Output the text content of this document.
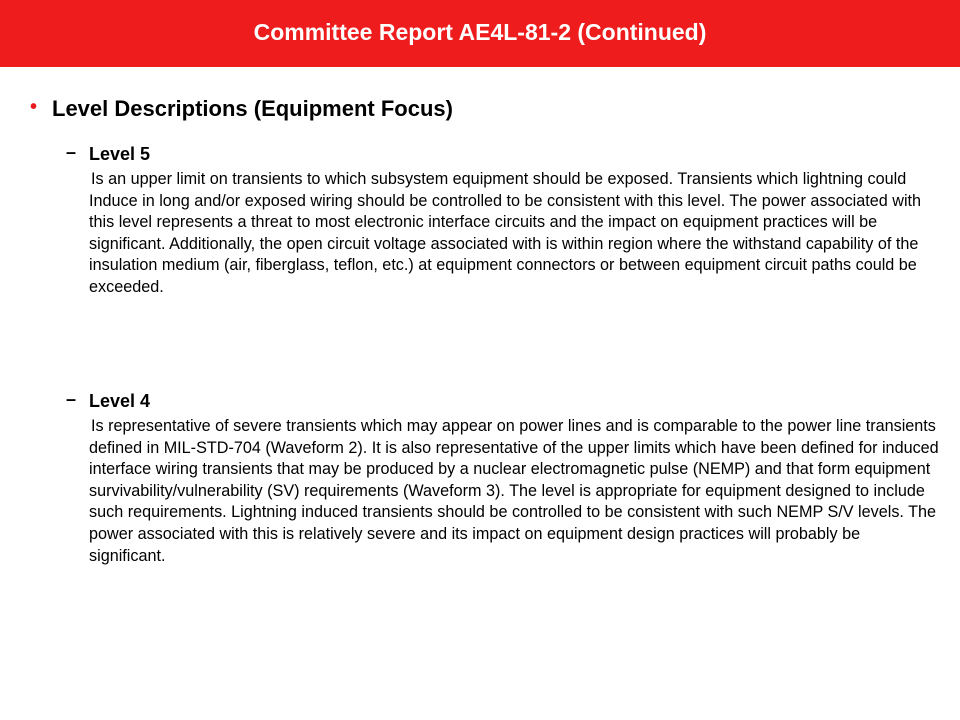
Committee Report AE4L-81-2 (Continued)
• Level Descriptions (Equipment Focus)
– Level 5
Is an upper limit on transients to which subsystem equipment should be exposed. Transients which lightning could Induce in long and/or exposed wiring should be controlled to be consistent with this level. The power associated with this level represents a threat to most electronic interface circuits and the impact on equipment practices will be significant. Additionally, the open circuit voltage associated with is within region where the withstand capability of the insulation medium (air, fiberglass, teflon, etc.) at equipment connectors or between equipment circuit paths could be exceeded.
– Level 4
Is representative of severe transients which may appear on power lines and is comparable to the power line transients defined in MIL-STD-704 (Waveform 2). It is also representative of the upper limits which have been defined for induced interface wiring transients that may be produced by a nuclear electromagnetic pulse (NEMP) and that form equipment survivability/vulnerability (SV) requirements (Waveform 3). The level is appropriate for equipment designed to include such requirements. Lightning induced transients should be controlled to be consistent with such NEMP S/V levels. The power associated with this is relatively severe and its impact on equipment design practices will probably be significant.
